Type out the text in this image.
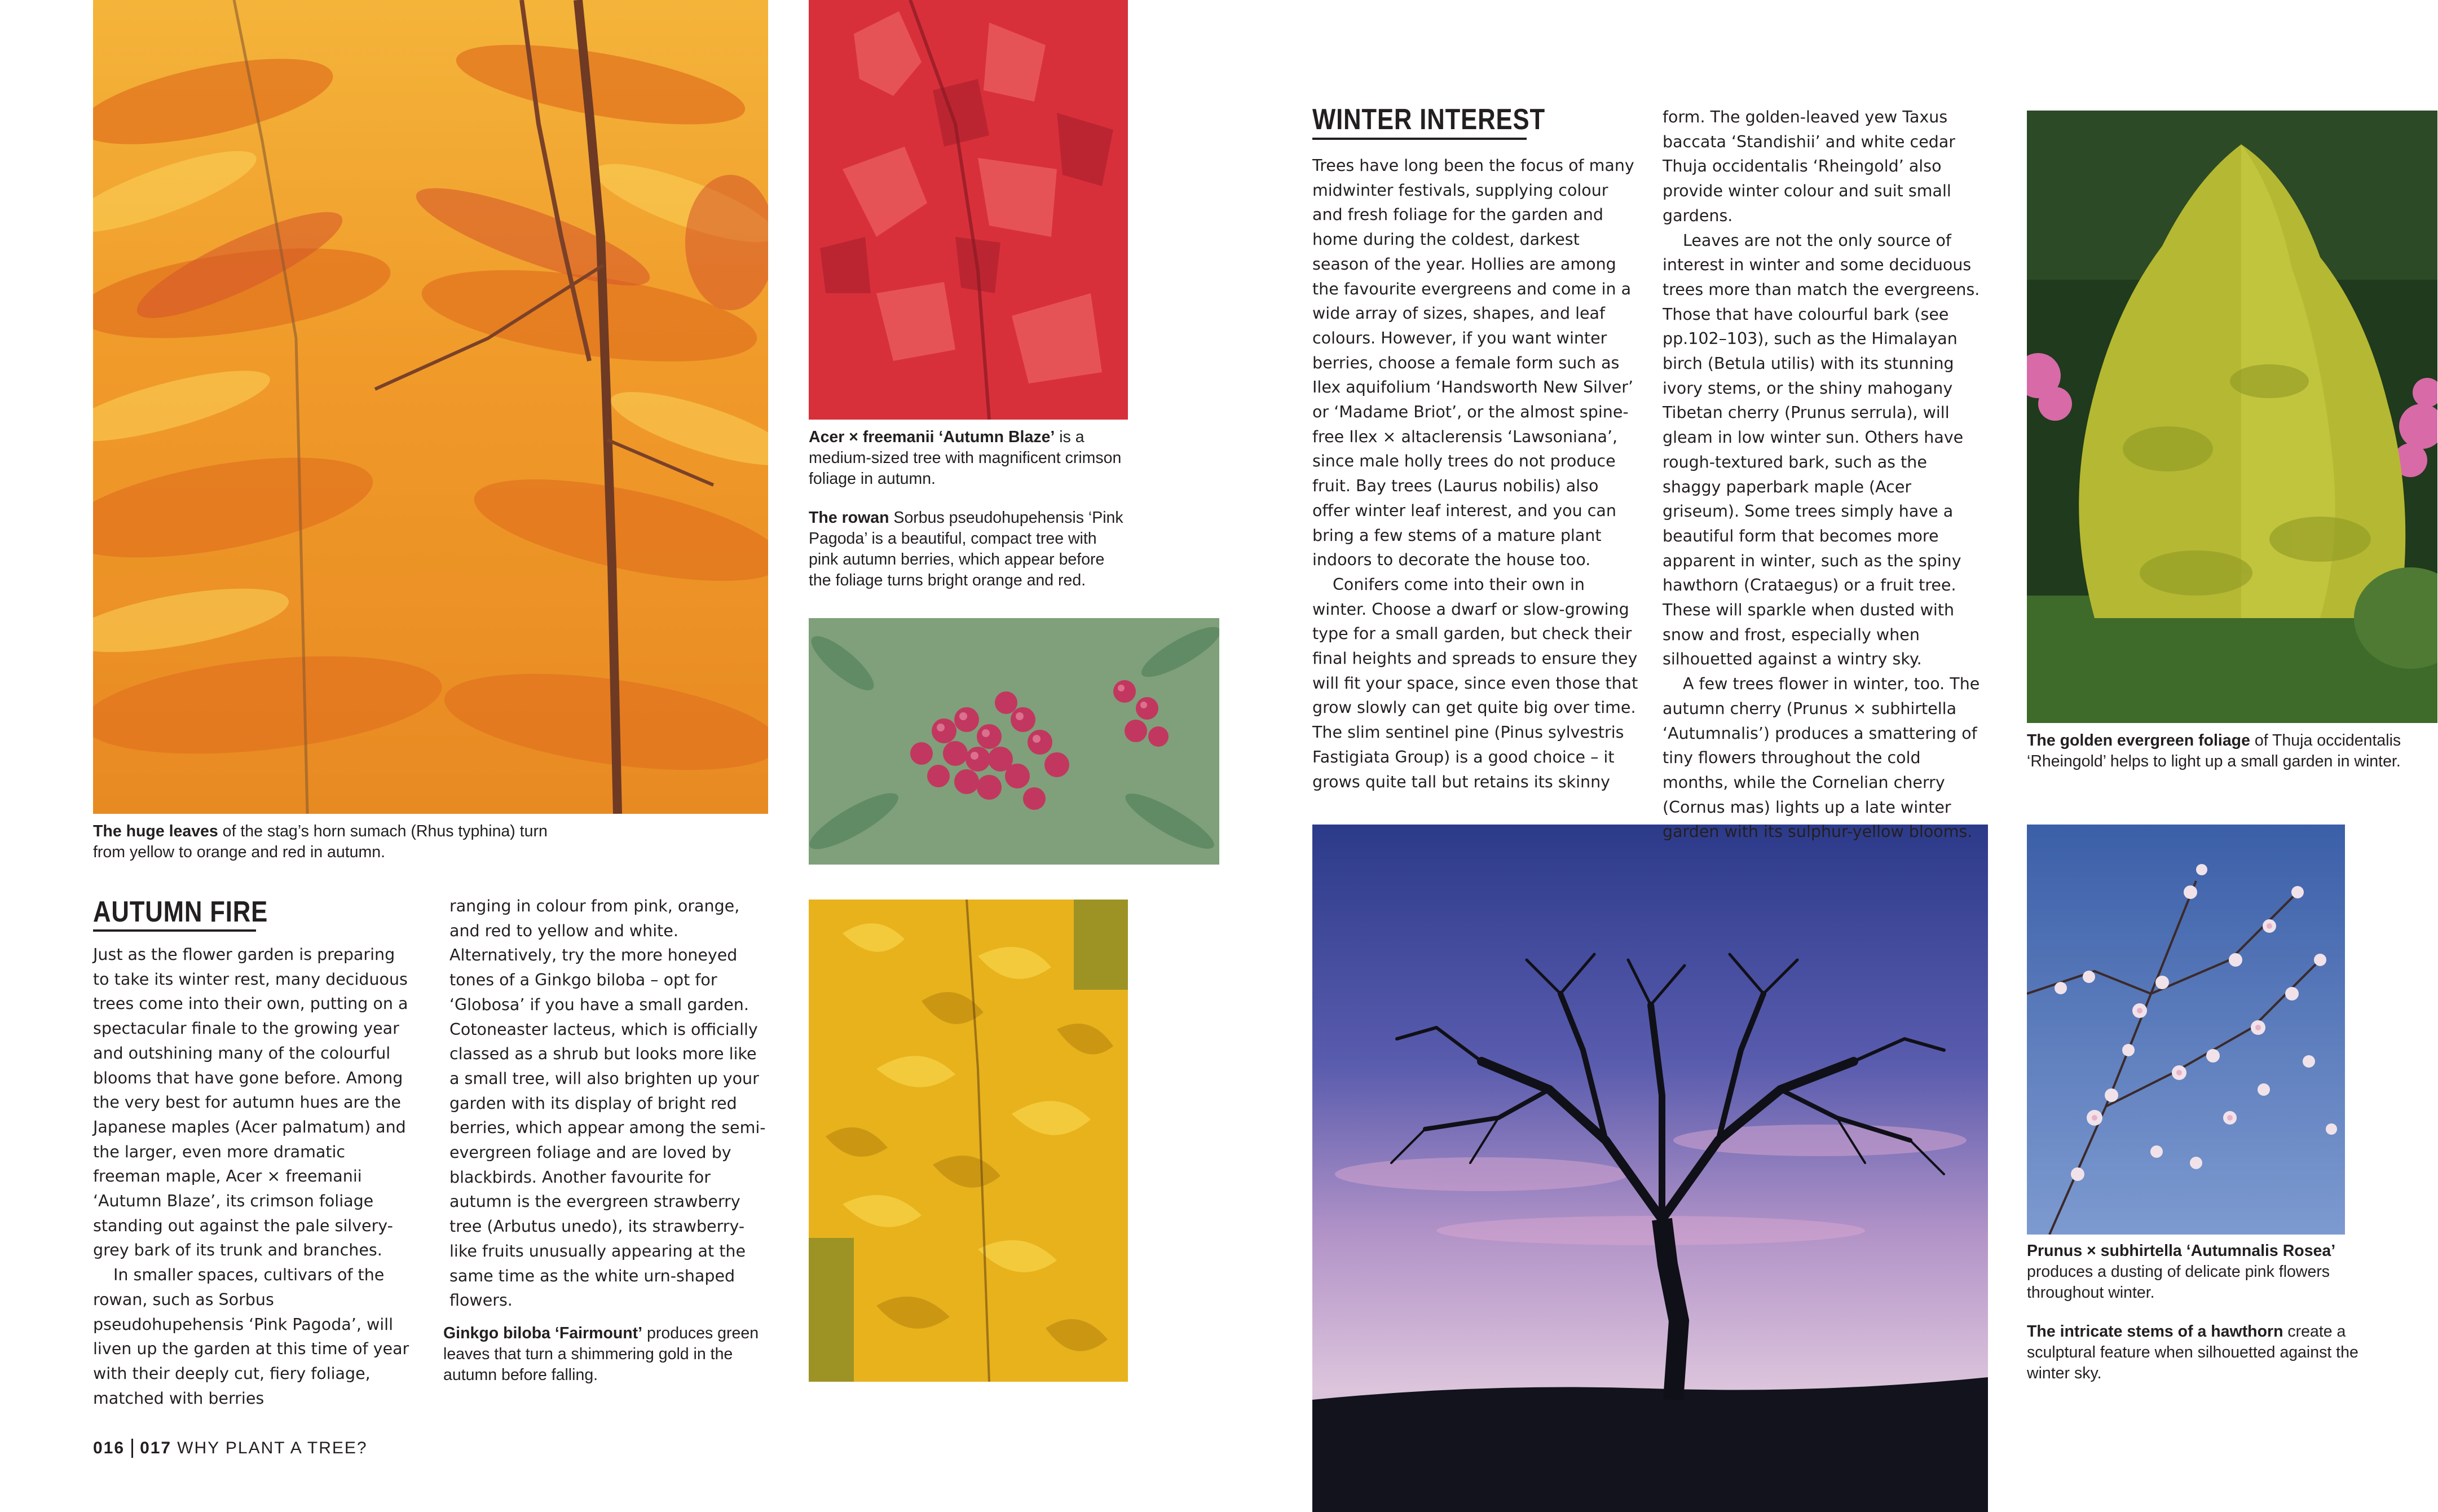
The huge leaves of the stag’s horn sumach (Rhus typhina) turn from yellow to orange and red in autumn.

AUTUMN FIRE

Just as the flower garden is preparing to take its winter rest, many deciduous trees come into their own, putting on a spectacular finale to the growing year and outshining many of the colourful blooms that have gone before. Among the very best for autumn hues are the Japanese maples (Acer palmatum) and the larger, even more dramatic freeman maple, Acer × freemanii ‘Autumn Blaze’, its crimson foliage standing out against the pale silvery-grey bark of its trunk and branches.

In smaller spaces, cultivars of the rowan, such as Sorbus pseudohupehensis ‘Pink Pagoda’, will liven up the garden at this time of year with their deeply cut, fiery foliage, matched with berries

ranging in colour from pink, orange, and red to yellow and white. Alternatively, try the more honeyed tones of a Ginkgo biloba – opt for ‘Globosa’ if you have a small garden. Cotoneaster lacteus, which is officially classed as a shrub but looks more like a small tree, will also brighten up your garden with its display of bright red berries, which appear among the semi-evergreen foliage and are loved by blackbirds. Another favourite for autumn is the evergreen strawberry tree (Arbutus unedo), its strawberry-like fruits unusually appearing at the same time as the white urn-shaped flowers.

Acer × freemanii ‘Autumn Blaze’ is a medium-sized tree with magnificent crimson foliage in autumn.

The rowan Sorbus pseudohupehensis ‘Pink Pagoda’ is a beautiful, compact tree with pink autumn berries, which appear before the foliage turns bright orange and red.

Ginkgo biloba ‘Fairmount’ produces green leaves that turn a shimmering gold in the autumn before falling.

016 017 WHY PLANT A TREE?
WINTER INTEREST

Trees have long been the focus of many midwinter festivals, supplying colour and fresh foliage for the garden and home during the coldest, darkest season of the year. Hollies are among the favourite evergreens and come in a wide array of sizes, shapes, and leaf colours. However, if you want winter berries, choose a female form such as Ilex aquifolium ‘Handsworth New Silver’ or ‘Madame Briot’, or the almost spine-free Ilex × altaclerensis ‘Lawsoniana’, since male holly trees do not produce fruit. Bay trees (Laurus nobilis) also offer winter leaf interest, and you can bring a few stems of a mature plant indoors to decorate the house too.

Conifers come into their own in winter. Choose a dwarf or slow-growing type for a small garden, but check their final heights and spreads to ensure they will fit your space, since even those that grow slowly can get quite big over time. The slim sentinel pine (Pinus sylvestris Fastigiata Group) is a good choice – it grows quite tall but retains its skinny

form. The golden-leaved yew Taxus baccata ‘Standishii’ and white cedar Thuja occidentalis ‘Rheingold’ also provide winter colour and suit small gardens.

Leaves are not the only source of interest in winter and some deciduous trees more than match the evergreens. Those that have colourful bark (see pp.102–103), such as the Himalayan birch (Betula utilis) with its stunning ivory stems, or the shiny mahogany Tibetan cherry (Prunus serrula), will gleam in low winter sun. Others have rough-textured bark, such as the shaggy paperbark maple (Acer griseum). Some trees simply have a beautiful form that becomes more apparent in winter, such as the spiny hawthorn (Crataegus) or a fruit tree. These will sparkle when dusted with snow and frost, especially when silhouetted against a wintry sky.

A few trees flower in winter, too. The autumn cherry (Prunus × subhirtella ‘Autumnalis’) produces a smattering of tiny flowers throughout the cold months, while the Cornelian cherry (Cornus mas) lights up a late winter garden with its sulphur-yellow blooms.

The golden evergreen foliage of Thuja occidentalis ‘Rheingold’ helps to light up a small garden in winter.

Prunus × subhirtella ‘Autumnalis Rosea’ produces a dusting of delicate pink flowers throughout winter.

The intricate stems of a hawthorn create a sculptural feature when silhouetted against the winter sky.
